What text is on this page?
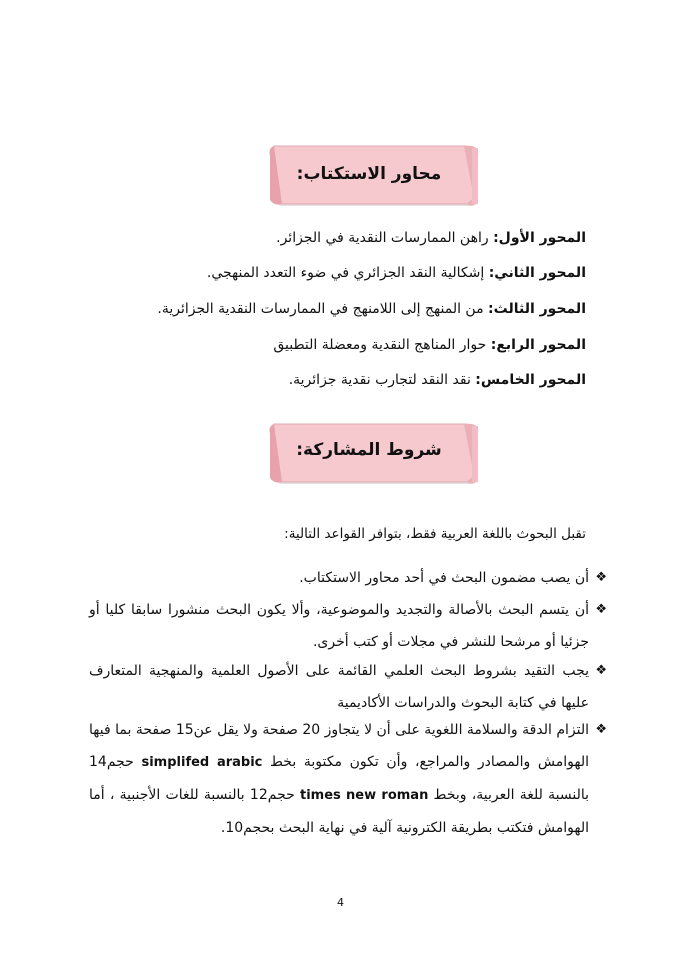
محاور الاستكتاب:
المحور الأول: راهن الممارسات النقدية في الجزائر.
المحور الثاني: إشكالية النقد الجزائري في ضوء التعدد المنهجي.
المحور الثالث: من المنهج إلى اللامنهج في الممارسات النقدية الجزائرية.
المحور الرابع: حوار المناهج النقدية ومعضلة التطبيق
المحور الخامس: نقد النقد لتجارب نقدية جزائرية.
شروط المشاركة:
تقبل البحوث باللغة العربية فقط، بتوافر القواعد التالية:
❖
أن يصب مضمون البحث في أحد محاور الاستكتاب.
❖
أن يتسم البحث بالأصالة والتجديد والموضوعية، وألا يكون البحث منشورا سابقا كليا أو جزئيا أو مرشحا للنشر في مجلات أو كتب أخرى.
❖
يجب التقيد بشروط البحث العلمي القائمة على الأصول العلمية والمنهجية المتعارف عليها في كتابة البحوث والدراسات الأكاديمية
❖
التزام الدقة والسلامة اللغوية على أن لا يتجاوز 20 صفحة ولا يقل عن15 صفحة بما فيها الهوامش والمصادر والمراجع، وأن تكون مكتوبة بخط simplifed arabic حجم14 بالنسبة للغة العربية، وبخط times new roman حجم12 بالنسبة للغات الأجنبية ، أما الهوامش فتكتب بطريقة الكترونية آلية في نهاية البحث بحجم10.
4
